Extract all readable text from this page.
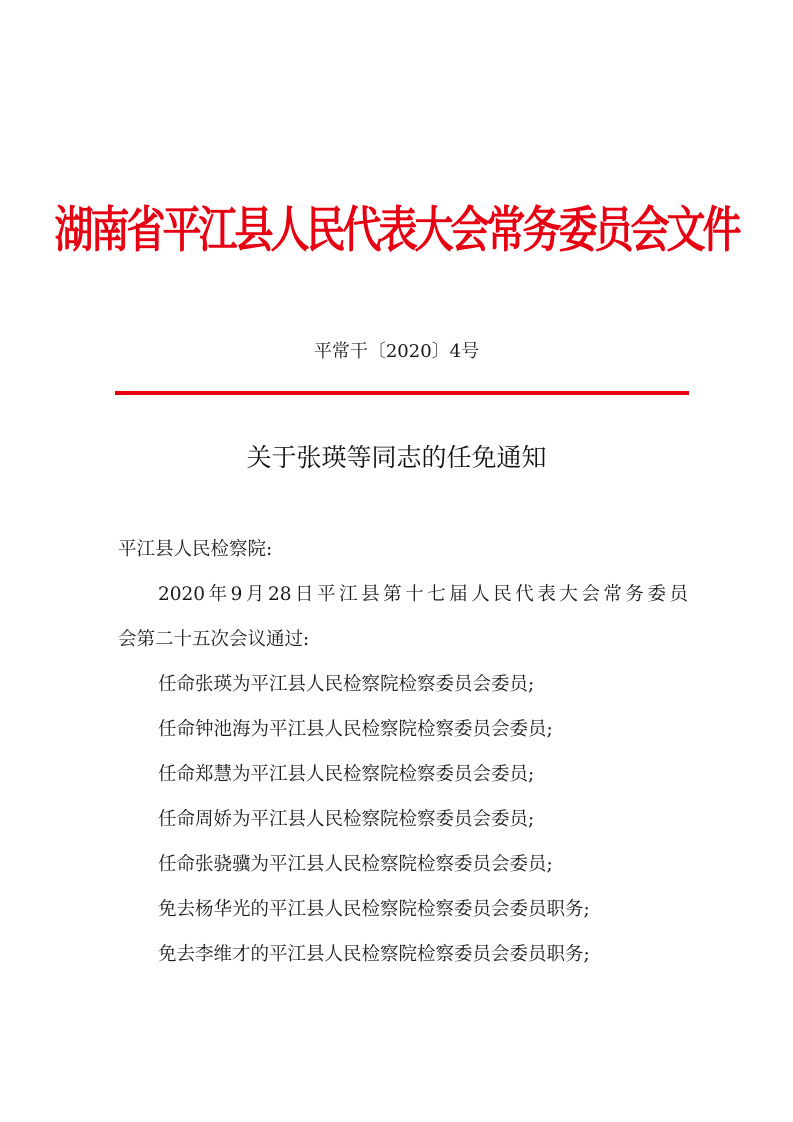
湖南省平江县人民代表大会常务委员会文件
平常干〔2020〕4号
关于张瑛等同志的任免通知
平江县人民检察院:
2020年9月28日平江县第十七届人民代表大会常务委员
会第二十五次会议通过:
任命张瑛为平江县人民检察院检察委员会委员;
任命钟池海为平江县人民检察院检察委员会委员;
任命郑慧为平江县人民检察院检察委员会委员;
任命周娇为平江县人民检察院检察委员会委员;
任命张骁骥为平江县人民检察院检察委员会委员;
免去杨华光的平江县人民检察院检察委员会委员职务;
免去李维才的平江县人民检察院检察委员会委员职务;
